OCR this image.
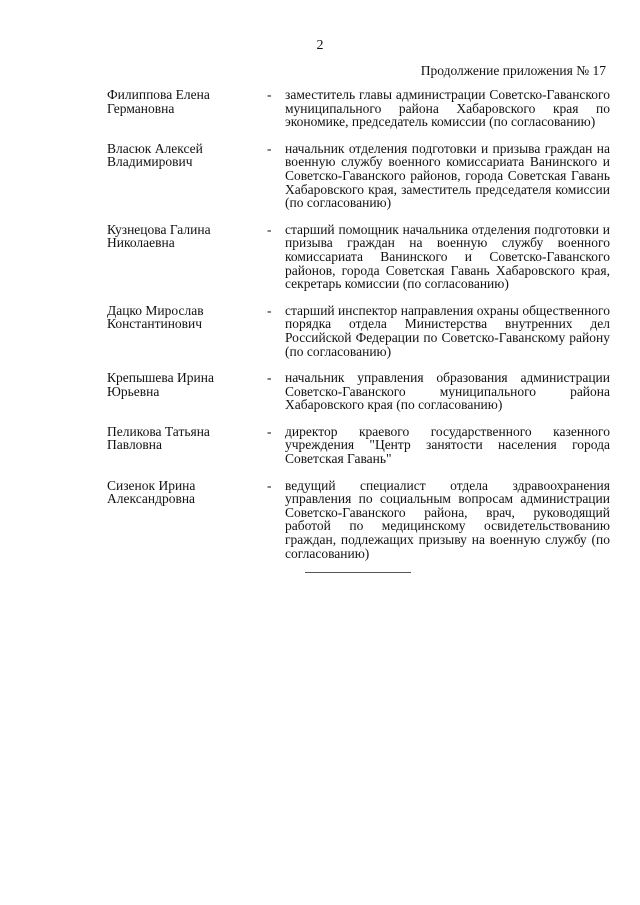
2
Продолжение приложения № 17
Филиппова Елена
Германовна
-	заместитель главы администрации Советско-Гаванского муниципального района Хабаровского края по экономике, председатель комиссии (по согласованию)
Власюк Алексей
Владимирович
-	начальник отделения подготовки и призыва граждан на военную службу военного комиссариата Ванинского и Советско-Гаванского районов, города Советская Гавань Хабаровского края, заместитель председателя комиссии (по согласованию)
Кузнецова Галина
Николаевна
-	старший помощник начальника отделения подготовки и призыва граждан на военную службу военного комиссариата Ванинского и Советско-Гаванского районов, города Советская Гавань Хабаровского края, секретарь комиссии (по согласованию)
Дацко Мирослав
Константинович
-	старший инспектор направления охраны общественного порядка отдела Министерства внутренних дел Российской Федерации по Советско-Гаванскому району (по согласованию)
Крепышева Ирина
Юрьевна
-	начальник управления образования администрации Советско-Гаванского муниципального района Хабаровского края (по согласованию)
Пеликова Татьяна
Павловна
-	директор краевого государственного казенного учреждения "Центр занятости населения города Советская Гавань"
Сизенок Ирина
Александровна
-	ведущий специалист отдела здравоохранения управления по социальным вопросам администрации Советско-Гаванского района, врач, руководящий работой по медицинскому освидетельствованию граждан, подлежащих призыву на военную службу (по согласованию)
